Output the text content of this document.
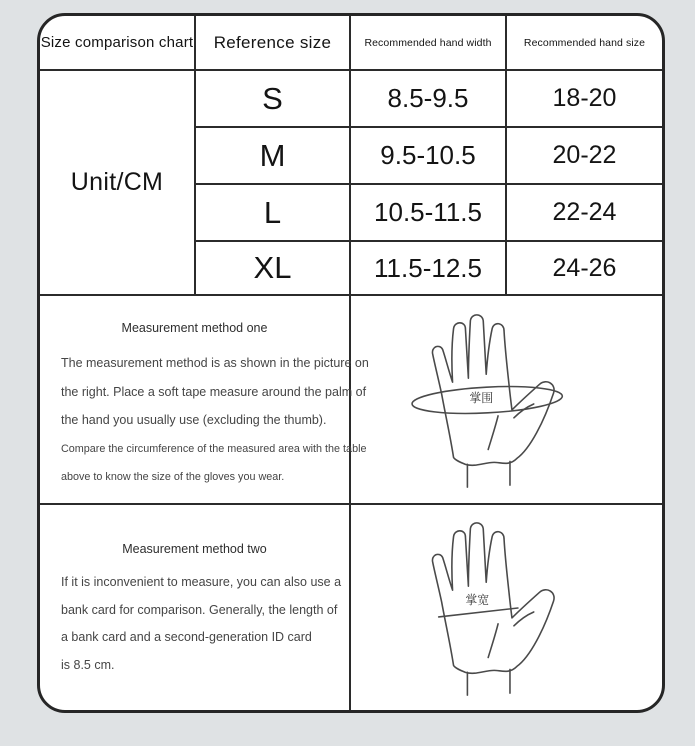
Size comparison chart	Reference size	Recommended hand width	Recommended hand size
Unit/CM
S	8.5-9.5	18-20
M	9.5-10.5	20-22
L	10.5-11.5	22-24
XL	11.5-12.5	24-26
Measurement method one
The measurement method is as shown in the picture on
the right. Place a soft tape measure around the palm of
the hand you usually use (excluding the thumb).
Compare the circumference of the measured area with the table
above to know the size of the gloves you wear.
掌围
Measurement method two
If it is inconvenient to measure, you can also use a
bank card for comparison. Generally, the length of
a bank card and a second-generation ID card
is 8.5 cm.
掌宽
